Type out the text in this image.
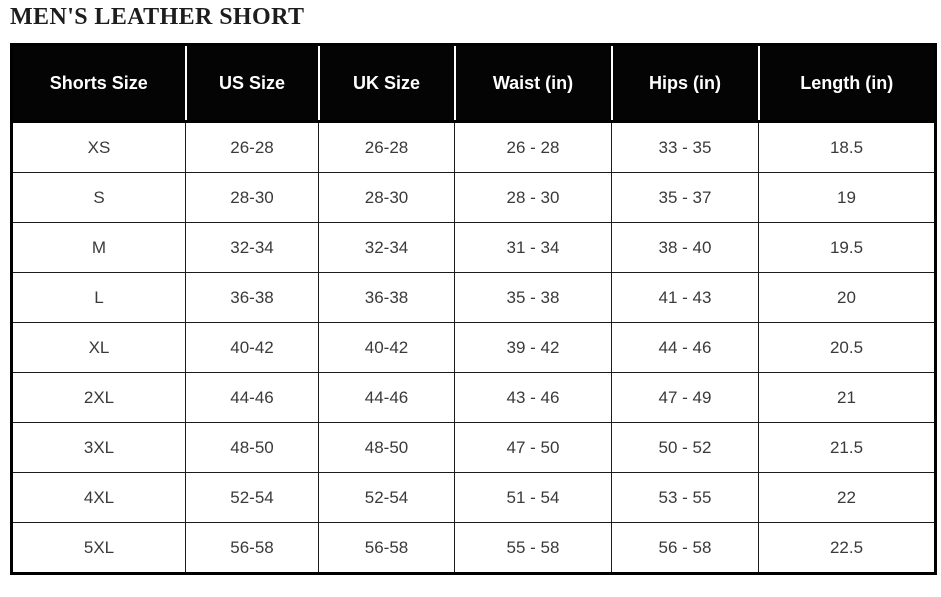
MEN'S LEATHER SHORT
Shorts Size	US Size	UK Size	Waist (in)	Hips (in)	Length (in)
XS	26-28	26-28	26 - 28	33 - 35	18.5
S	28-30	28-30	28 - 30	35 - 37	19
M	32-34	32-34	31 - 34	38 - 40	19.5
L	36-38	36-38	35 - 38	41 - 43	20
XL	40-42	40-42	39 - 42	44 - 46	20.5
2XL	44-46	44-46	43 - 46	47 - 49	21
3XL	48-50	48-50	47 - 50	50 - 52	21.5
4XL	52-54	52-54	51 - 54	53 - 55	22
5XL	56-58	56-58	55 - 58	56 - 58	22.5
